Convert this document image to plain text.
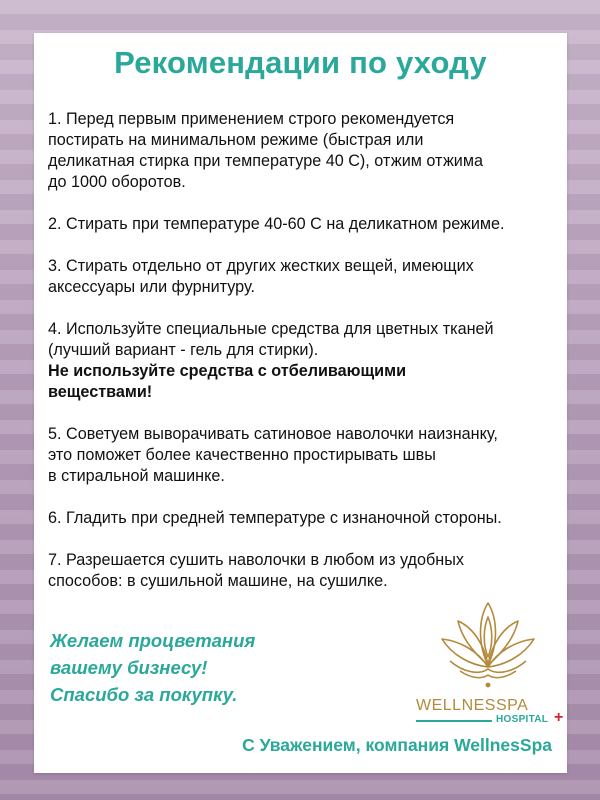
Рекомендации по уходу
1. Перед первым применением строго рекомендуется
постирать на минимальном режиме (быстрая или
деликатная стирка при температуре 40 С), отжим отжима
до 1000 оборотов.
2. Стирать при температуре 40-60 С на деликатном режиме.
3. Стирать отдельно от других жестких вещей, имеющих
аксессуары или фурнитуру.
4. Используйте специальные средства для цветных тканей
(лучший вариант - гель для стирки).
Не используйте средства с отбеливающими
веществами!
5. Советуем выворачивать сатиновое наволочки наизнанку,
это поможет более качественно простирывать швы
в стиральной машинке.
6. Гладить при средней температуре с изнаночной стороны.
7. Разрешается сушить наволочки в любом из удобных
способов: в сушильной машине, на сушилке.
Желаем процветания
вашему бизнесу!
Спасибо за покупку.
WELLNESSPA
HOSPITAL +
С Уважением, компания WellnesSpa
